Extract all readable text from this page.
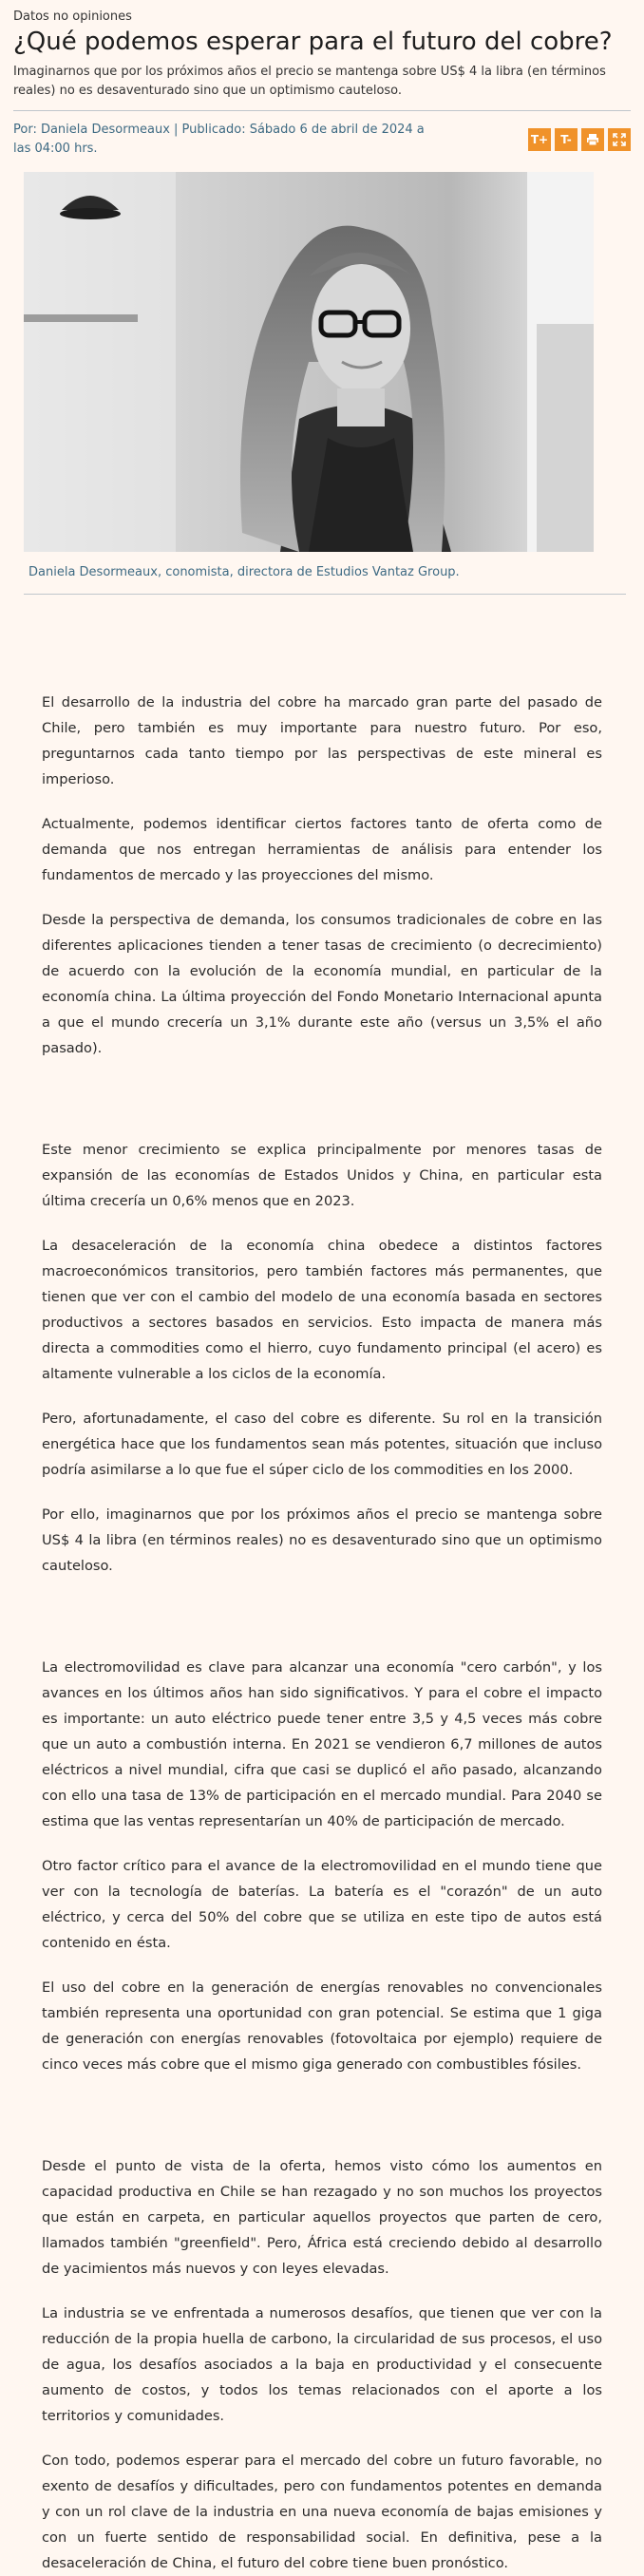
Datos no opiniones

¿Qué podemos esperar para el futuro del cobre?

Imaginarnos que por los próximos años el precio se mantenga sobre US$ 4 la libra (en términos reales) no es desaventurado sino que un optimismo cauteloso.

Por: Daniela Desormeaux | Publicado: Sábado 6 de abril de 2024 a las 04:00 hrs.

T+	T-

Daniela Desormeaux, conomista, directora de Estudios Vantaz Group.

El desarrollo de la industria del cobre ha marcado gran parte del pasado de Chile, pero también es muy importante para nuestro futuro. Por eso, preguntarnos cada tanto tiempo por las perspectivas de este mineral es imperioso.

Actualmente, podemos identificar ciertos factores tanto de oferta como de demanda que nos entregan herramientas de análisis para entender los fundamentos de mercado y las proyecciones del mismo.

Desde la perspectiva de demanda, los consumos tradicionales de cobre en las diferentes aplicaciones tienden a tener tasas de crecimiento (o decrecimiento) de acuerdo con la evolución de la economía mundial, en particular de la economía china. La última proyección del Fondo Monetario Internacional apunta a que el mundo crecería un 3,1% durante este año (versus un 3,5% el año pasado).

Este menor crecimiento se explica principalmente por menores tasas de expansión de las economías de Estados Unidos y China, en particular esta última crecería un 0,6% menos que en 2023.

La desaceleración de la economía china obedece a distintos factores macroeconómicos transitorios, pero también factores más permanentes, que tienen que ver con el cambio del modelo de una economía basada en sectores productivos a sectores basados en servicios. Esto impacta de manera más directa a commodities como el hierro, cuyo fundamento principal (el acero) es altamente vulnerable a los ciclos de la economía.

Pero, afortunadamente, el caso del cobre es diferente. Su rol en la transición energética hace que los fundamentos sean más potentes, situación que incluso podría asimilarse a lo que fue el súper ciclo de los commodities en los 2000.

Por ello, imaginarnos que por los próximos años el precio se mantenga sobre US$ 4 la libra (en términos reales) no es desaventurado sino que un optimismo cauteloso.

La electromovilidad es clave para alcanzar una economía "cero carbón", y los avances en los últimos años han sido significativos. Y para el cobre el impacto es importante: un auto eléctrico puede tener entre 3,5 y 4,5 veces más cobre que un auto a combustión interna. En 2021 se vendieron 6,7 millones de autos eléctricos a nivel mundial, cifra que casi se duplicó el año pasado, alcanzando con ello una tasa de 13% de participación en el mercado mundial. Para 2040 se estima que las ventas representarían un 40% de participación de mercado.

Otro factor crítico para el avance de la electromovilidad en el mundo tiene que ver con la tecnología de baterías. La batería es el "corazón" de un auto eléctrico, y cerca del 50% del cobre que se utiliza en este tipo de autos está contenido en ésta.

El uso del cobre en la generación de energías renovables no convencionales también representa una oportunidad con gran potencial. Se estima que 1 giga de generación con energías renovables (fotovoltaica por ejemplo) requiere de cinco veces más cobre que el mismo giga generado con combustibles fósiles.

Desde el punto de vista de la oferta, hemos visto cómo los aumentos en capacidad productiva en Chile se han rezagado y no son muchos los proyectos que están en carpeta, en particular aquellos proyectos que parten de cero, llamados también "greenfield". Pero, África está creciendo debido al desarrollo de yacimientos más nuevos y con leyes elevadas.

La industria se ve enfrentada a numerosos desafíos, que tienen que ver con la reducción de la propia huella de carbono, la circularidad de sus procesos, el uso de agua, los desafíos asociados a la baja en productividad y el consecuente aumento de costos, y todos los temas relacionados con el aporte a los territorios y comunidades.

Con todo, podemos esperar para el mercado del cobre un futuro favorable, no exento de desafíos y dificultades, pero con fundamentos potentes en demanda y con un rol clave de la industria en una nueva economía de bajas emisiones y con un fuerte sentido de responsabilidad social. En definitiva, pese a la desaceleración de China, el futuro del cobre tiene buen pronóstico.
